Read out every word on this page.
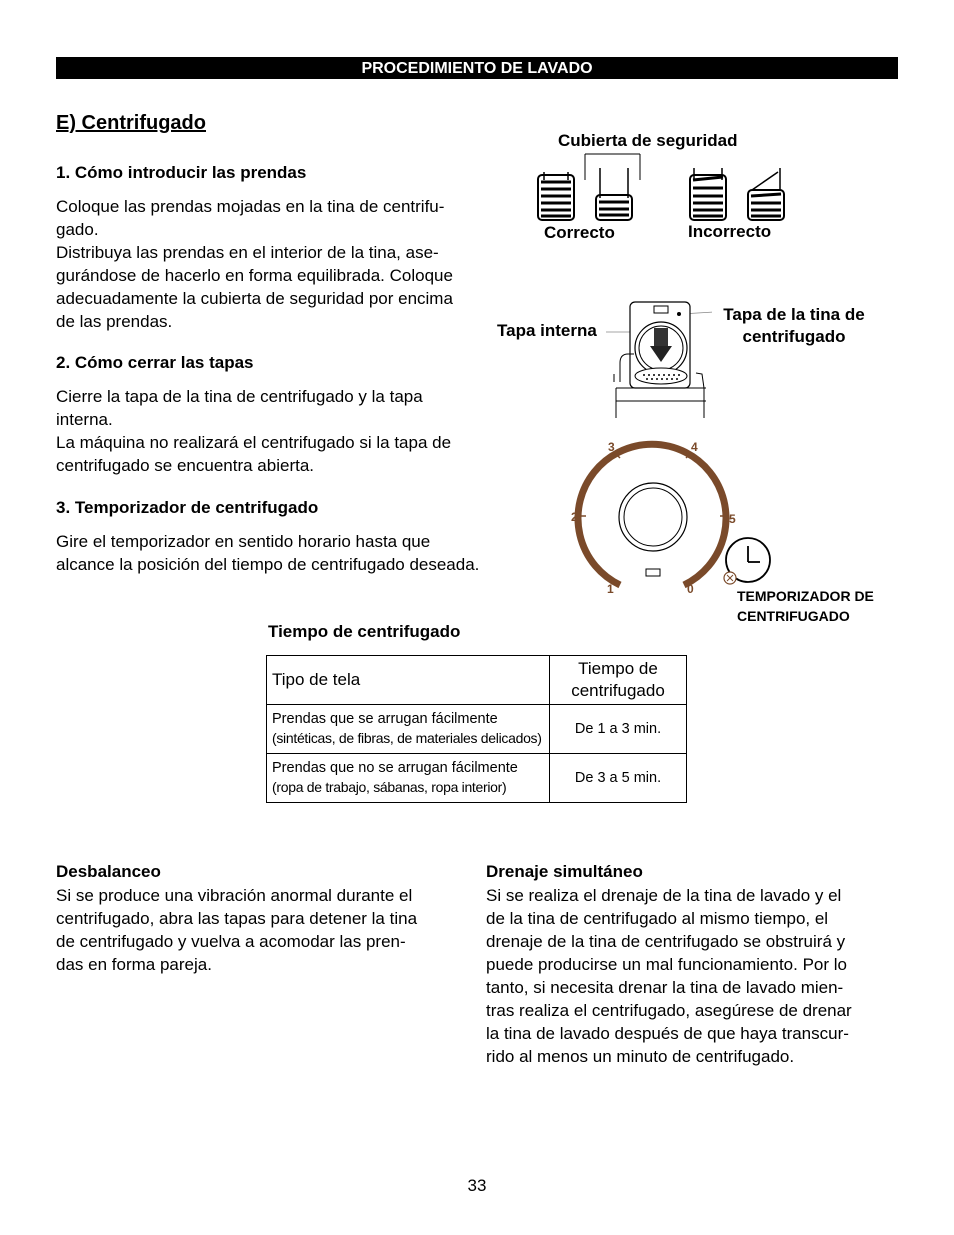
PROCEDIMIENTO DE LAVADO
E) Centrifugado
1. Cómo introducir las prendas
Coloque las prendas mojadas en la tina de centrifu-
gado.
Distribuya las prendas en el interior de la tina, ase-
gurándose de hacerlo en forma equilibrada. Coloque
adecuadamente la cubierta de seguridad por encima
de las prendas.
2. Cómo cerrar las tapas
Cierre la tapa de la tina de centrifugado y la tapa
interna.
La máquina no realizará el centrifugado si la tapa de
centrifugado se encuentra abierta.
3. Temporizador de centrifugado
Gire el temporizador en sentido horario hasta que
alcance la posición del tiempo de centrifugado deseada.
Cubierta de seguridad
Correcto	Incorrecto
Tapa interna
Tapa de la tina de
centrifugado
0
1
2
3	4
5
TEMPORIZADOR DE
CENTRIFUGADO
Tiempo de centrifugado
Tipo de tela	Tiempo de
centrifugado

Prendas que se arrugan fácilmente
(sintéticas, de fibras, de materiales delicados)	De 1 a 3 min.

Prendas que no se arrugan fácilmente
(ropa de trabajo, sábanas, ropa interior)	De 3 a 5 min.
Desbalanceo
Si se produce una vibración anormal durante el
centrifugado, abra las tapas para detener la tina
de centrifugado y vuelva a acomodar las pren-
das en forma pareja.
Drenaje simultáneo
Si se realiza el drenaje de la tina de lavado y el
de la tina de centrifugado al mismo tiempo, el
drenaje de la tina de centrifugado se obstruirá y
puede producirse un mal funcionamiento. Por lo
tanto, si necesita drenar la tina de lavado mien-
tras realiza el centrifugado, asegúrese de drenar
la tina de lavado después de que haya transcur-
rido al menos un minuto de centrifugado.
33
